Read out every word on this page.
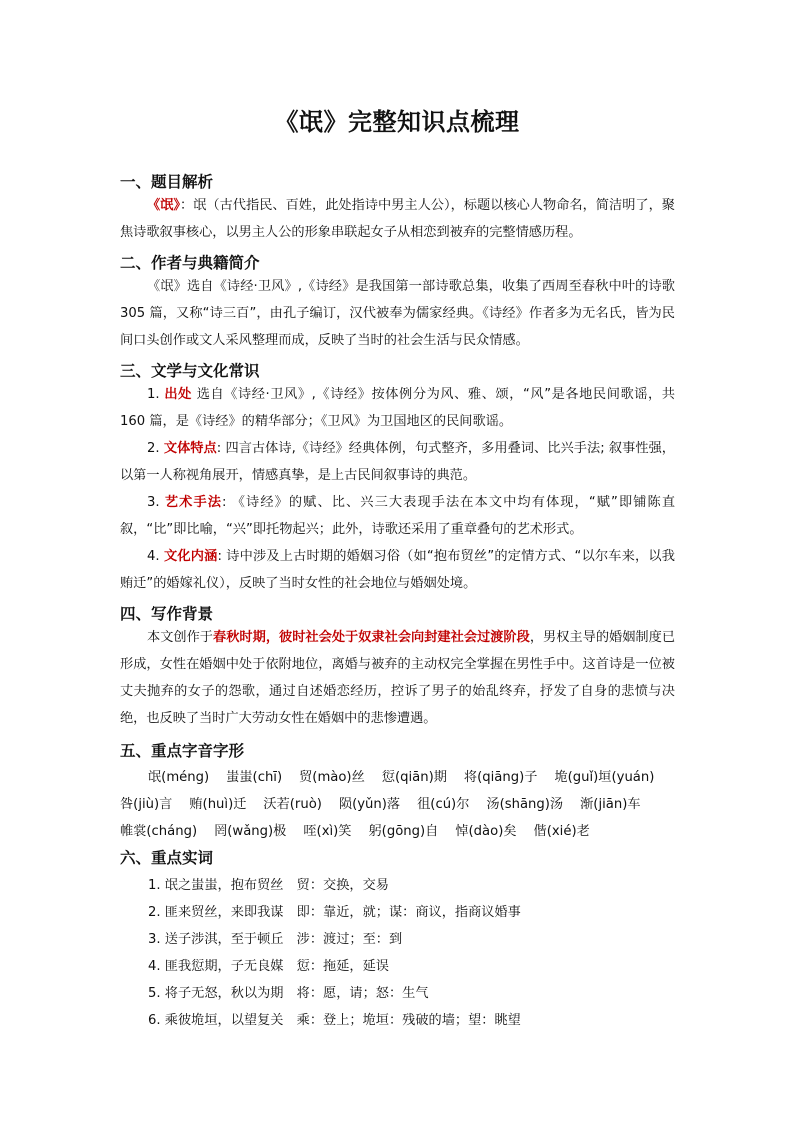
《氓》完整知识点梳理
一、题目解析
《氓》：氓（古代指民、百姓，此处指诗中男主人公），标题以核心人物命名，简洁明了，聚焦诗歌叙事核心，以男主人公的形象串联起女子从相恋到被弃的完整情感历程。
二、作者与典籍简介
《氓》选自《诗经·卫风》,《诗经》是我国第一部诗歌总集，收集了西周至春秋中叶的诗歌 305 篇，又称“诗三百”，由孔子编订，汉代被奉为儒家经典。《诗经》作者多为无名氏，皆为民间口头创作或文人采风整理而成，反映了当时的社会生活与民众情感。
三、文学与文化常识
1. 出处 选自《诗经·卫风》,《诗经》按体例分为风、雅、颂，“风”是各地民间歌谣，共 160 篇，是《诗经》的精华部分；《卫风》为卫国地区的民间歌谣。
2. 文体特点: 四言古体诗,《诗经》经典体例，句式整齐，多用叠词、比兴手法; 叙事性强，以第一人称视角展开，情感真挚，是上古民间叙事诗的典范。
3. 艺术手法: 《诗经》的赋、比、兴三大表现手法在本文中均有体现，“赋”即铺陈直叙，“比”即比喻，“兴”即托物起兴；此外，诗歌还采用了重章叠句的艺术形式。
4. 文化内涵: 诗中涉及上古时期的婚姻习俗（如“抱布贸丝”的定情方式、“以尔车来，以我贿迁”的婚嫁礼仪），反映了当时女性的社会地位与婚姻处境。
四、写作背景
本文创作于春秋时期，彼时社会处于奴隶社会向封建社会过渡阶段，男权主导的婚姻制度已形成，女性在婚姻中处于依附地位，离婚与被弃的主动权完全掌握在男性手中。这首诗是一位被丈夫抛弃的女子的怨歌，通过自述婚恋经历，控诉了男子的始乱终弃，抒发了自身的悲愤与决绝，也反映了当时广大劳动女性在婚姻中的悲惨遭遇。
五、重点字音字形
氓(méng) 蚩蚩(chī) 贸(mào)丝 愆(qiān)期 将(qiāng)子 垝(guǐ)垣(yuán)
咎(jiù)言 贿(huì)迁 沃若(ruò) 陨(yǔn)落 徂(cú)尔 汤(shāng)汤 渐(jiān)车
帷裳(cháng) 罔(wǎng)极 咥(xì)笑 躬(gōng)自 悼(dào)矣 偕(xié)老
六、重点实词
1. 氓之蚩蚩，抱布贸丝　贸：交换，交易
2. 匪来贸丝，来即我谋　即：靠近，就；谋：商议，指商议婚事
3. 送子涉淇，至于顿丘　涉：渡过；至：到
4. 匪我愆期，子无良媒　愆：拖延，延误
5. 将子无怒，秋以为期　将：愿，请；怒：生气
6. 乘彼垝垣，以望复关　乘：登上；垝垣：残破的墙；望：眺望
